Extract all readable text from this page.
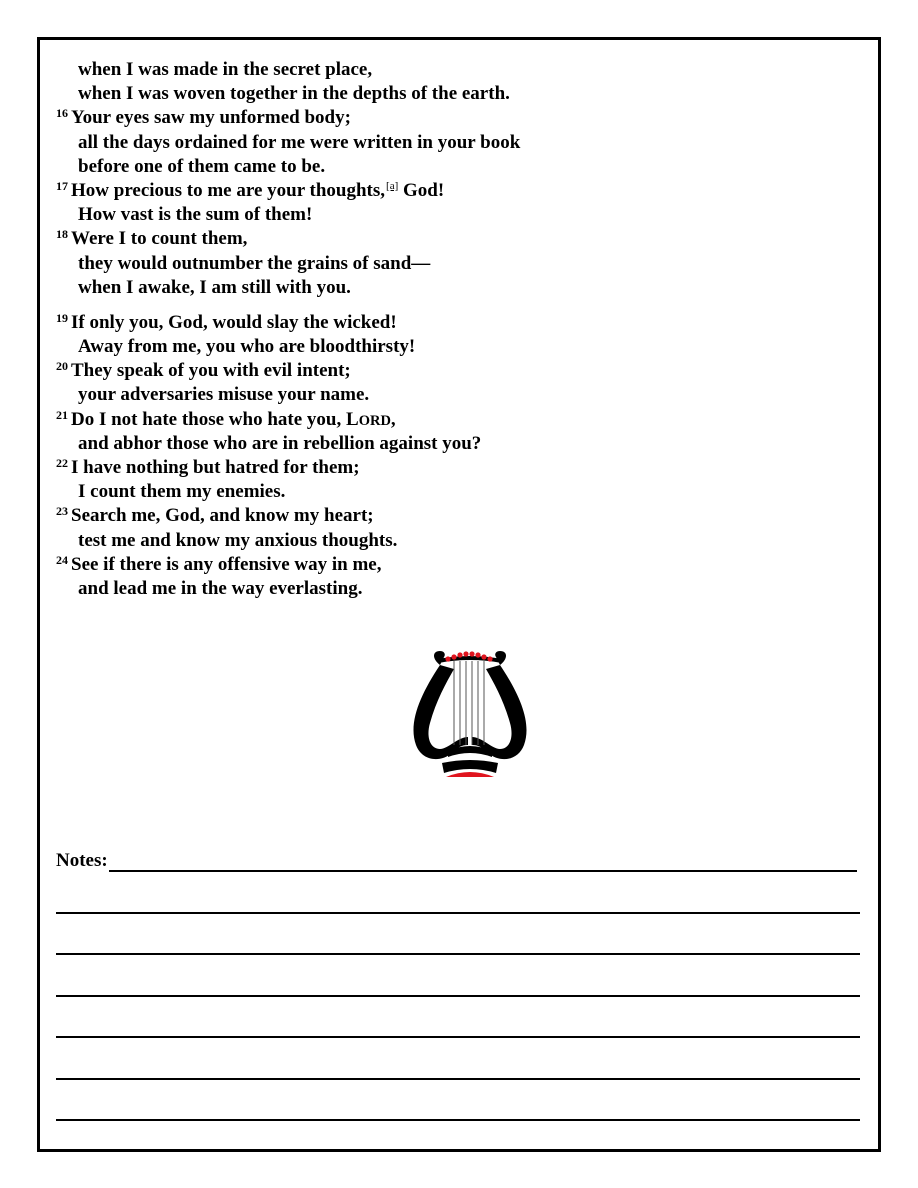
when I was made in the secret place,
when I was woven together in the depths of the earth.
$^{16}$ Your eyes saw my unformed body;
all the days ordained for me were written in your book
before one of them came to be.
$^{17}$ How precious to me are your thoughts,[a] God!
How vast is the sum of them!
$^{18}$ Were I to count them,
they would outnumber the grains of sand—
when I awake, I am still with you.
$^{19}$ If only you, God, would slay the wicked!
Away from me, you who are bloodthirsty!
$^{20}$ They speak of you with evil intent;
your adversaries misuse your name.
$^{21}$ Do I not hate those who hate you, LORD,
and abhor those who are in rebellion against you?
$^{22}$ I have nothing but hatred for them;
I count them my enemies.
$^{23}$ Search me, God, and know my heart;
test me and know my anxious thoughts.
$^{24}$ See if there is any offensive way in me,
and lead me in the way everlasting.
Notes:
